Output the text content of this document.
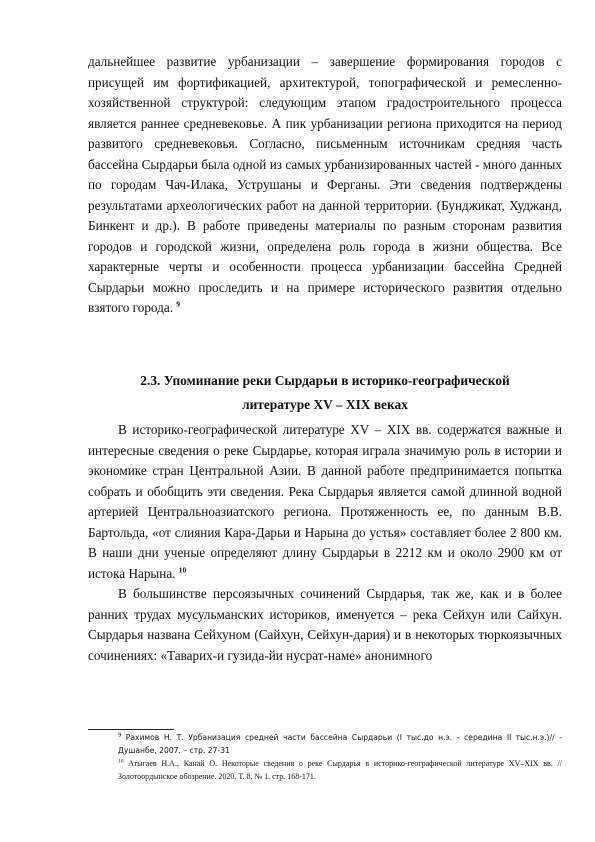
дальнейшее развитие урбанизации – завершение формирования городов с присущей им фортификацией, архитектурой, топографической и ремесленно-хозяйственной структурой: следующим этапом градостроительного процесса является раннее средневековье. А пик урбанизации региона приходится на период развитого средневековья. Согласно, письменным источникам средняя часть бассейна Сырдарьи была одной из самых урбанизированных частей - много данных по городам Чач-Илака, Уструшаны и Ферганы. Эти сведения подтверждены результатами археологических работ на данной территории. (Бунджикат, Худжанд, Бинкент и др.). В работе приведены материалы по разным сторонам развития городов и городской жизни, определена роль города в жизни общества. Все характерные черты и особенности процесса урбанизации бассейна Средней Сырдарьи можно проследить и на примере исторического развития отдельно взятого города. $^9$

2.3. Упоминание реки Сырдарьи в историко-географической

литературе XV – XIX веках

В историко-географической литературе XV – XIX вв. содержатся важные и интересные сведения о реке Сырдарье, которая играла значимую роль в истории и экономике стран Центральной Азии. В данной работе предпринимается попытка собрать и обобщить эти сведения. Река Сырдарья является самой длинной водной артерией Центральноазиатского региона. Протяженность ее, по данным В.В. Бартольда, «от слияния Кара-Дарьи и Нарына до устья» составляет более 2 800 км. В наши дни ученые определяют длину Сырдарьи в 2212 км и около 2900 км от истока Нарына. $^{10}$

В большинстве персоязычных сочинений Сырдарья, так же, как и в более ранних трудах мусульманских историков, именуется – река Сейхун или Сайхун. Сырдарья названа Сейхуном (Сайхун, Сейхун-дария) и в некоторых тюркоязычных сочинениях: «Таварих-и гузида-йи нусрат-наме» анонимного

$^9$ Рахимов Н. Т. Урбанизация средней части бассейна Сырдарьи (I тыс.до н.э. - середина II тыс.н.э.)// - Душанбе, 2007. – стр. 27-31

$^{10}$ Атыгаев Н.А., Канай О. Некоторые сведения о реке Сырдарья в историко-географической литературе XV–XIX вв. // Золотоордынское обозрение. 2020. Т. 8, № 1. стр. 168-171.
